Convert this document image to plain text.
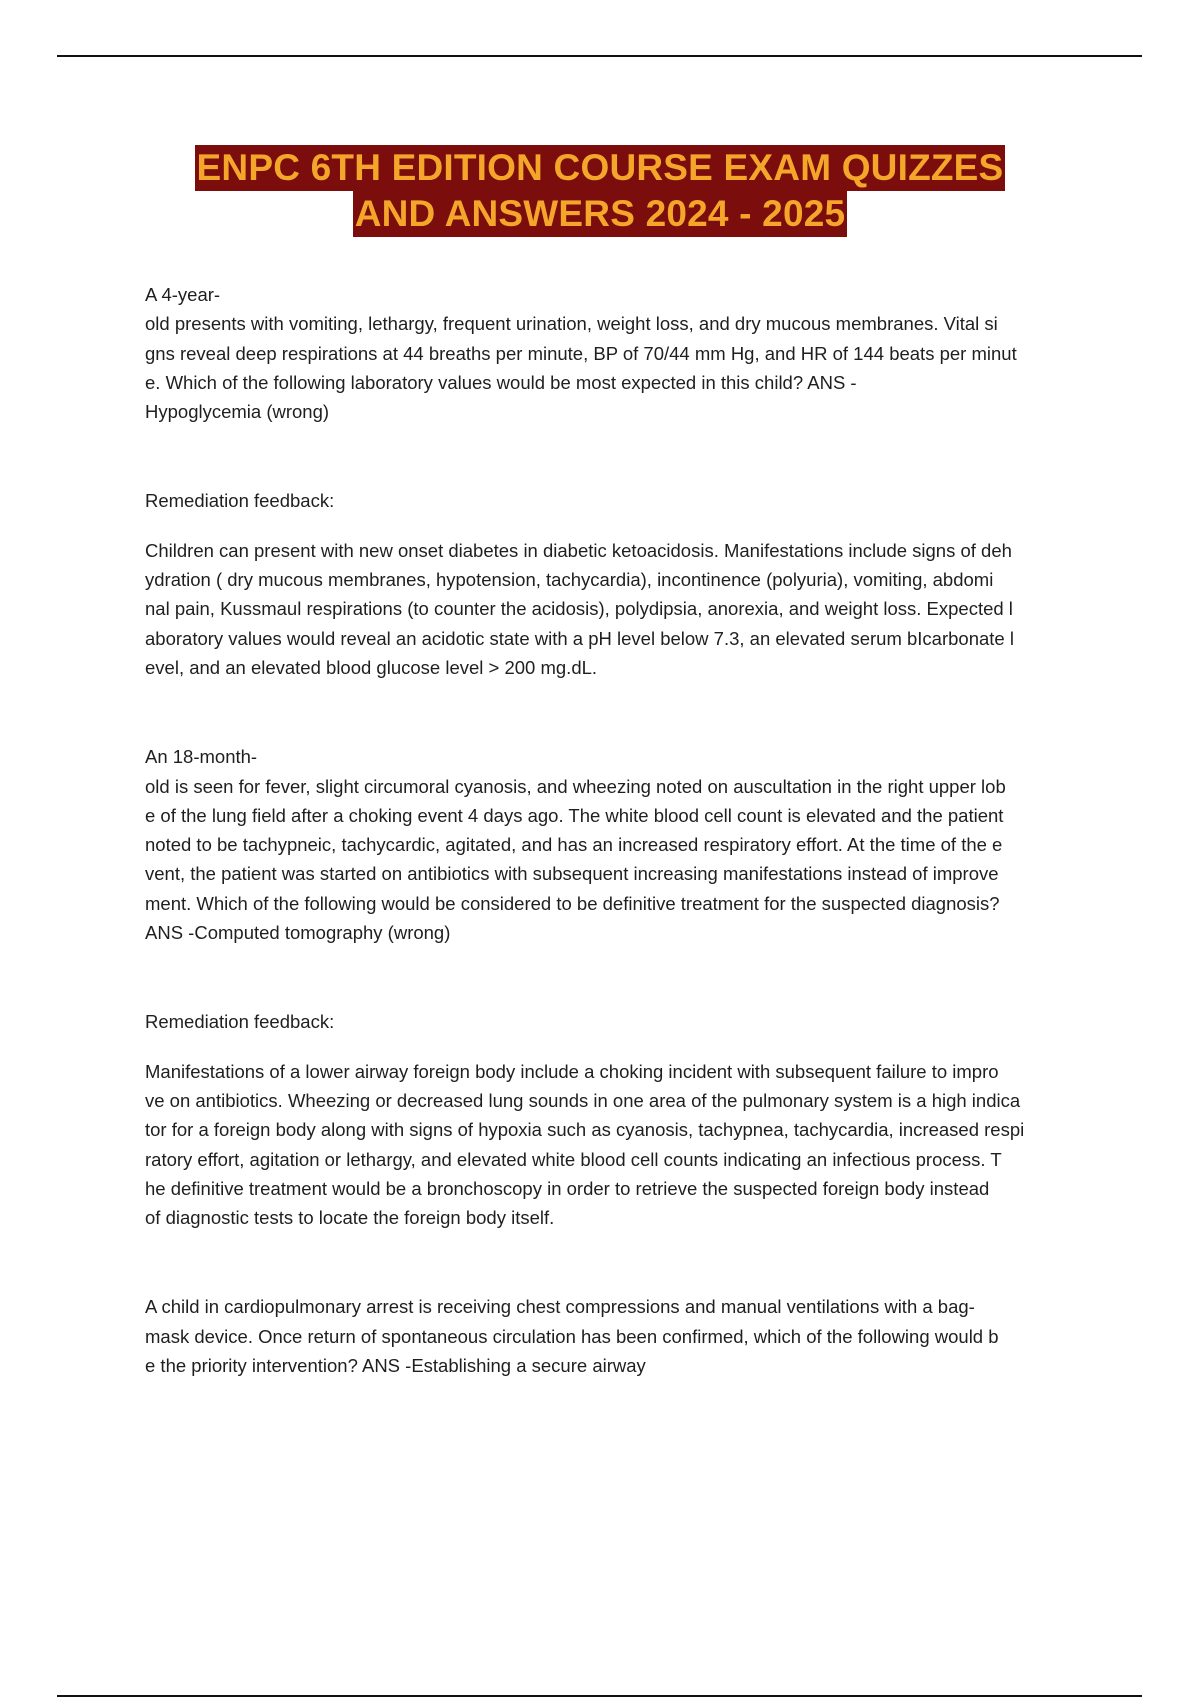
ENPC 6TH EDITION COURSE EXAM QUIZZES
AND ANSWERS 2024 - 2025

A 4-year-
old presents with vomiting, lethargy, frequent urination, weight loss, and dry mucous membranes. Vital si
gns reveal deep respirations at 44 breaths per minute, BP of 70/44 mm Hg, and HR of 144 beats per minut
e. Which of the following laboratory values would be most expected in this child? ANS -
Hypoglycemia (wrong)

Remediation feedback:

Children can present with new onset diabetes in diabetic ketoacidosis. Manifestations include signs of deh
ydration ( dry mucous membranes, hypotension, tachycardia), incontinence (polyuria), vomiting, abdomi
nal pain, Kussmaul respirations (to counter the acidosis), polydipsia, anorexia, and weight loss. Expected l
aboratory values would reveal an acidotic state with a pH level below 7.3, an elevated serum bIcarbonate l
evel, and an elevated blood glucose level > 200 mg.dL.

An 18-month-
old is seen for fever, slight circumoral cyanosis, and wheezing noted on auscultation in the right upper lob
e of the lung field after a choking event 4 days ago. The white blood cell count is elevated and the patient
noted to be tachypneic, tachycardic, agitated, and has an increased respiratory effort. At the time of the e
vent, the patient was started on antibiotics with subsequent increasing manifestations instead of improve
ment. Which of the following would be considered to be definitive treatment for the suspected diagnosis?
ANS -Computed tomography (wrong)

Remediation feedback:

Manifestations of a lower airway foreign body include a choking incident with subsequent failure to impro
ve on antibiotics. Wheezing or decreased lung sounds in one area of the pulmonary system is a high indica
tor for a foreign body along with signs of hypoxia such as cyanosis, tachypnea, tachycardia, increased respi
ratory effort, agitation or lethargy, and elevated white blood cell counts indicating an infectious process. T
he definitive treatment would be a bronchoscopy in order to retrieve the suspected foreign body instead
of diagnostic tests to locate the foreign body itself.

A child in cardiopulmonary arrest is receiving chest compressions and manual ventilations with a bag-
mask device. Once return of spontaneous circulation has been confirmed, which of the following would b
e the priority intervention? ANS -Establishing a secure airway
